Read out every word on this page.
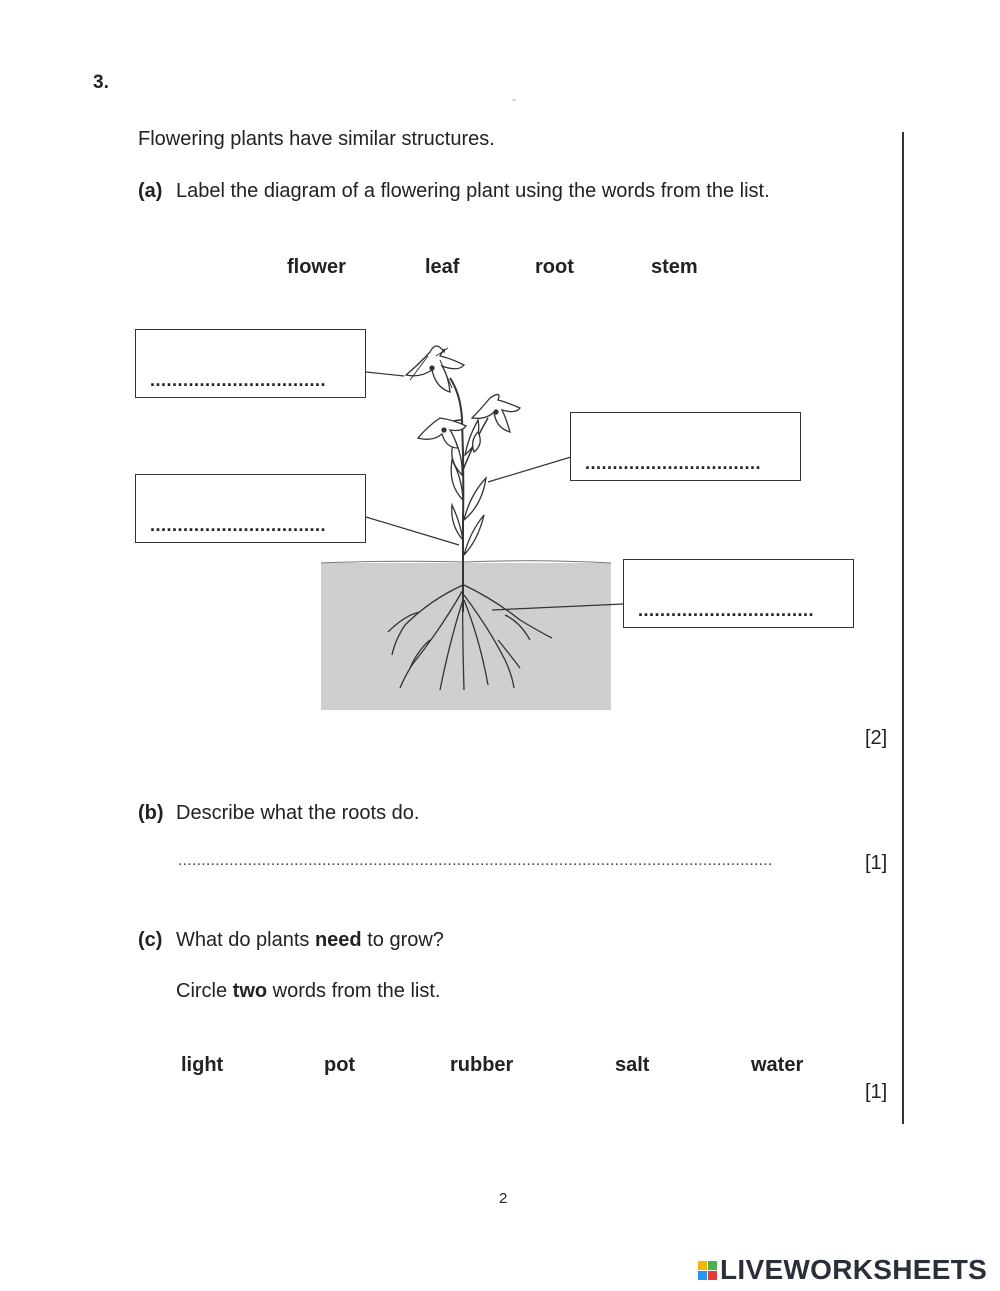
3.
-
Flowering plants have similar structures.
(a) Label the diagram of a flowering plant using the words from the list.
flower	leaf	root	stem
................................
................................
................................
................................
[2]
(b) Describe what the roots do.
................................................................................................................................	[1]
(c) What do plants need to grow?
Circle two words from the list.
light	pot	rubber	salt	water
[1]
2
LIVEWORKSHEETS
